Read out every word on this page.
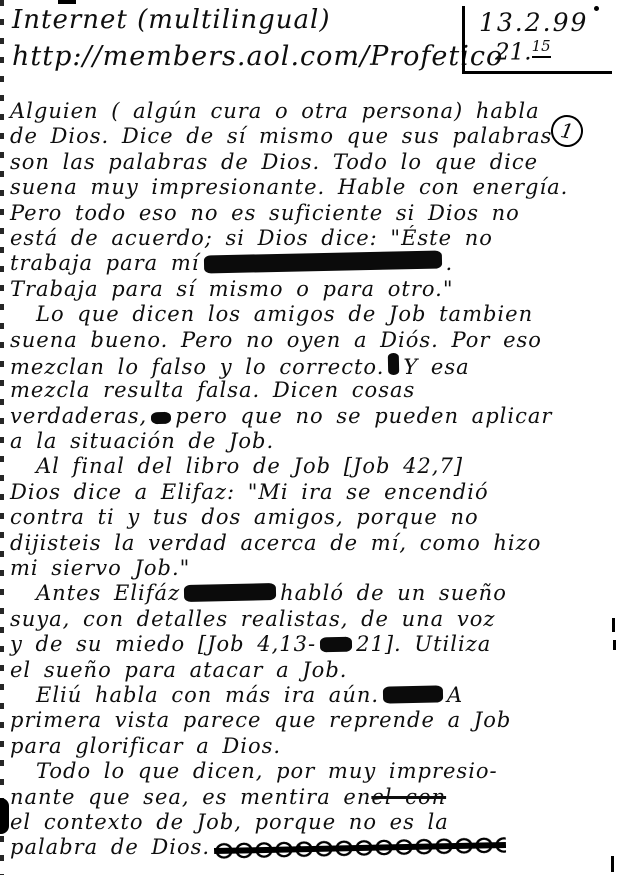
Internet (multilingual)
http://members.aol.com/Profetico
13.2.99
21.15
1
Alguien ( algún cura o otra persona) habla
de Dios. Dice de sí mismo que sus palabras
son las palabras de Dios. Todo lo que dice
suena muy impresionante. Hable con energía.
Pero todo eso no es suficiente si Dios no
está de acuerdo; si Dios dice: "Éste no
trabaja para mí	.
Trabaja para sí mismo o para otro."
Lo que dicen los amigos de Job tambien
suena bueno. Pero no oyen a Diós. Por eso
mezclan lo falso y lo correcto. Y esa
mezcla resulta falsa. Dicen cosas
verdaderas, pero que no se pueden aplicar
a la situación de Job.
Al final del libro de Job [Job 42,7]
Dios dice a Elifaz: "Mi ira se encendió
contra ti y tus dos amigos, porque no
dijisteis la verdad acerca de mí, como hizo
mi siervo Job."
Antes Elifáz	habló de un sueño
suya, con detalles realistas, de una voz
y de su miedo [Job 4,13- 21]. Utiliza
el sueño para atacar a Job.
Eliú habla con más ira aún.	A
primera vista parece que reprende a Job
para glorificar a Dios.
Todo lo que dicen, por muy impresio-
nante que sea, es mentira enel con
el contexto de Job, porque no es la
palabra de Dios.
